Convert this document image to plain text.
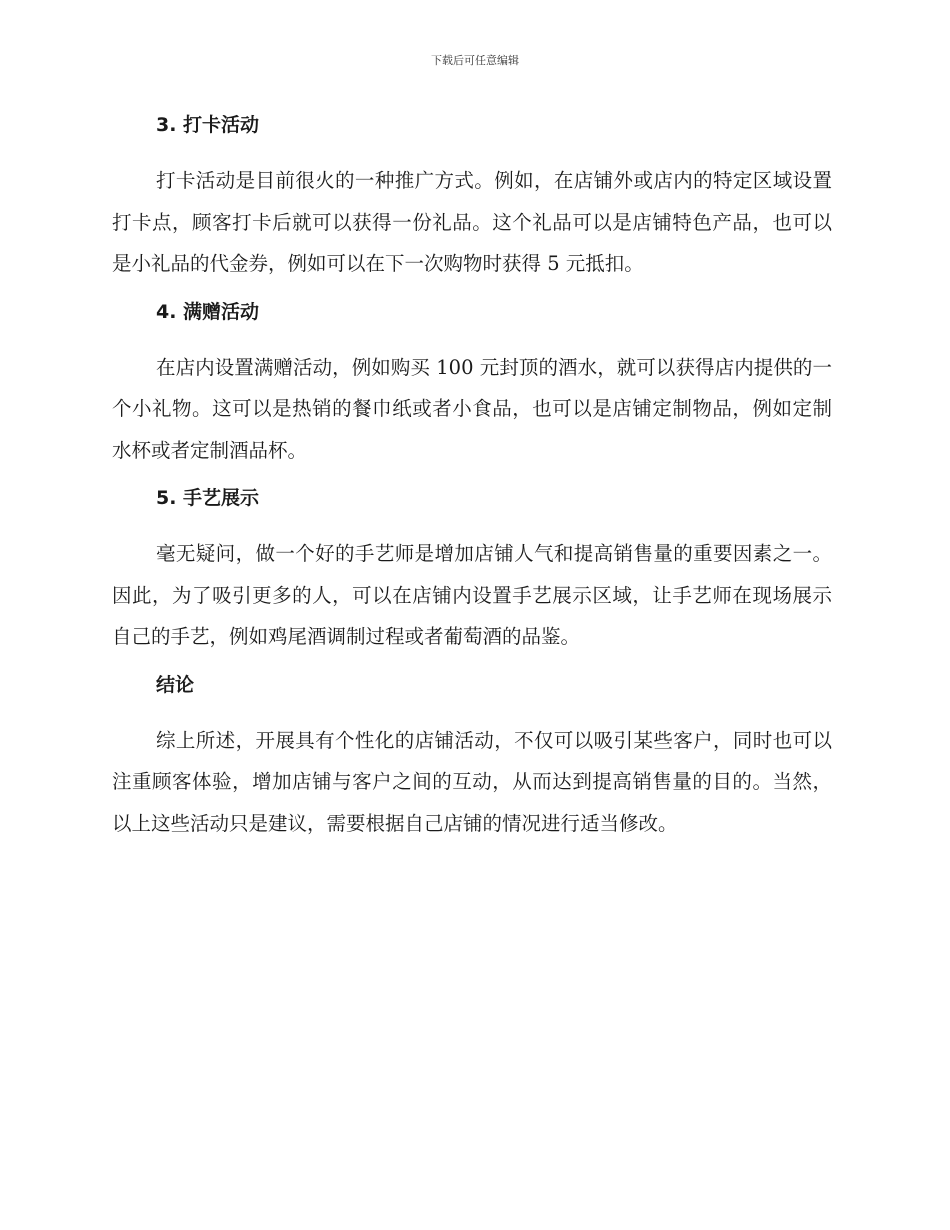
下载后可任意编辑
3. 打卡活动

打卡活动是目前很火的一种推广方式。例如，在店铺外或店内的特定区域设置打卡点，顾客打卡后就可以获得一份礼品。这个礼品可以是店铺特色产品，也可以是小礼品的代金券，例如可以在下一次购物时获得 5 元抵扣。

4. 满赠活动

在店内设置满赠活动，例如购买 100 元封顶的酒水，就可以获得店内提供的一个小礼物。这可以是热销的餐巾纸或者小食品，也可以是店铺定制物品，例如定制水杯或者定制酒品杯。

5. 手艺展示

毫无疑问，做一个好的手艺师是增加店铺人气和提高销售量的重要因素之一。因此，为了吸引更多的人，可以在店铺内设置手艺展示区域，让手艺师在现场展示自己的手艺，例如鸡尾酒调制过程或者葡萄酒的品鉴。

结论

综上所述，开展具有个性化的店铺活动，不仅可以吸引某些客户，同时也可以注重顾客体验，增加店铺与客户之间的互动，从而达到提高销售量的目的。当然，以上这些活动只是建议，需要根据自己店铺的情况进行适当修改。
